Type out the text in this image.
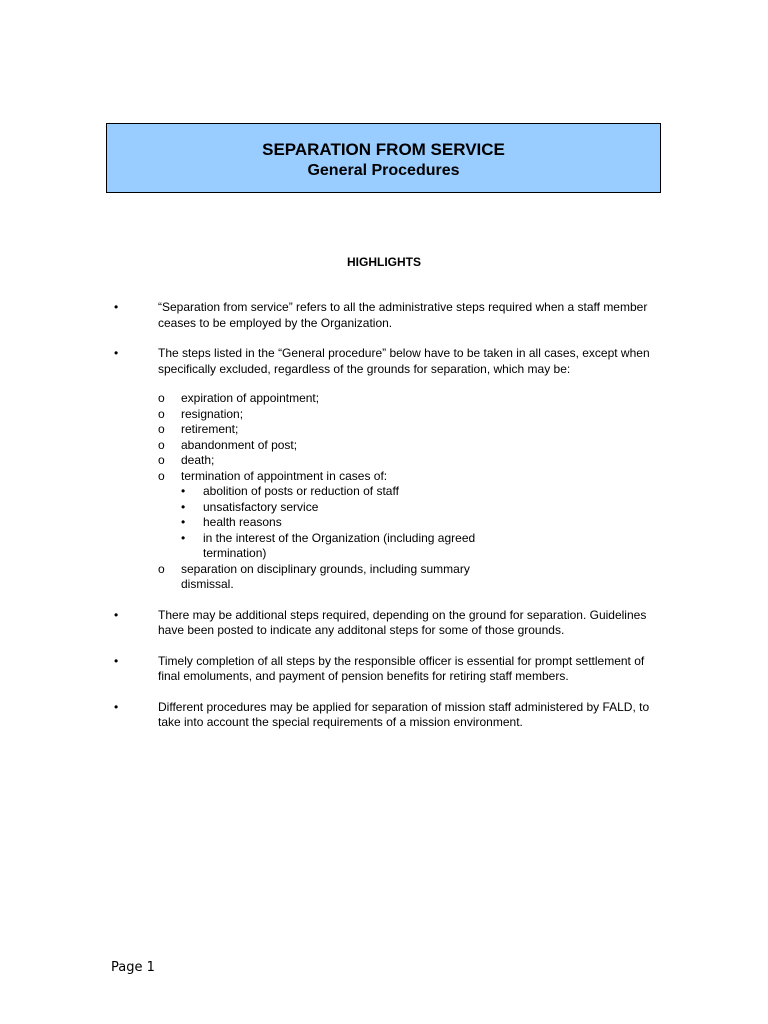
SEPARATION FROM SERVICE
General Procedures
HIGHLIGHTS
•	“Separation from service” refers to all the administrative steps required when a staff member ceases to be employed by the Organization.
•	The steps listed in the “General procedure” below have to be taken in all cases, except when specifically excluded, regardless of the grounds for separation, which may be:
o expiration of appointment;
o resignation;
o retirement;
o abandonment of post;
o death;
o termination of appointment in cases of:
• abolition of posts or reduction of staff
• unsatisfactory service
• health reasons
• in the interest of the Organization (including agreed termination)
o separation on disciplinary grounds, including summary dismissal.
•	There may be additional steps required, depending on the ground for separation. Guidelines have been posted to indicate any additonal steps for some of those grounds.
•	Timely completion of all steps by the responsible officer is essential for prompt settlement of final emoluments, and payment of pension benefits for retiring staff members.
•	Different procedures may be applied for separation of mission staff administered by FALD, to take into account the special requirements of a mission environment.
Page 1
